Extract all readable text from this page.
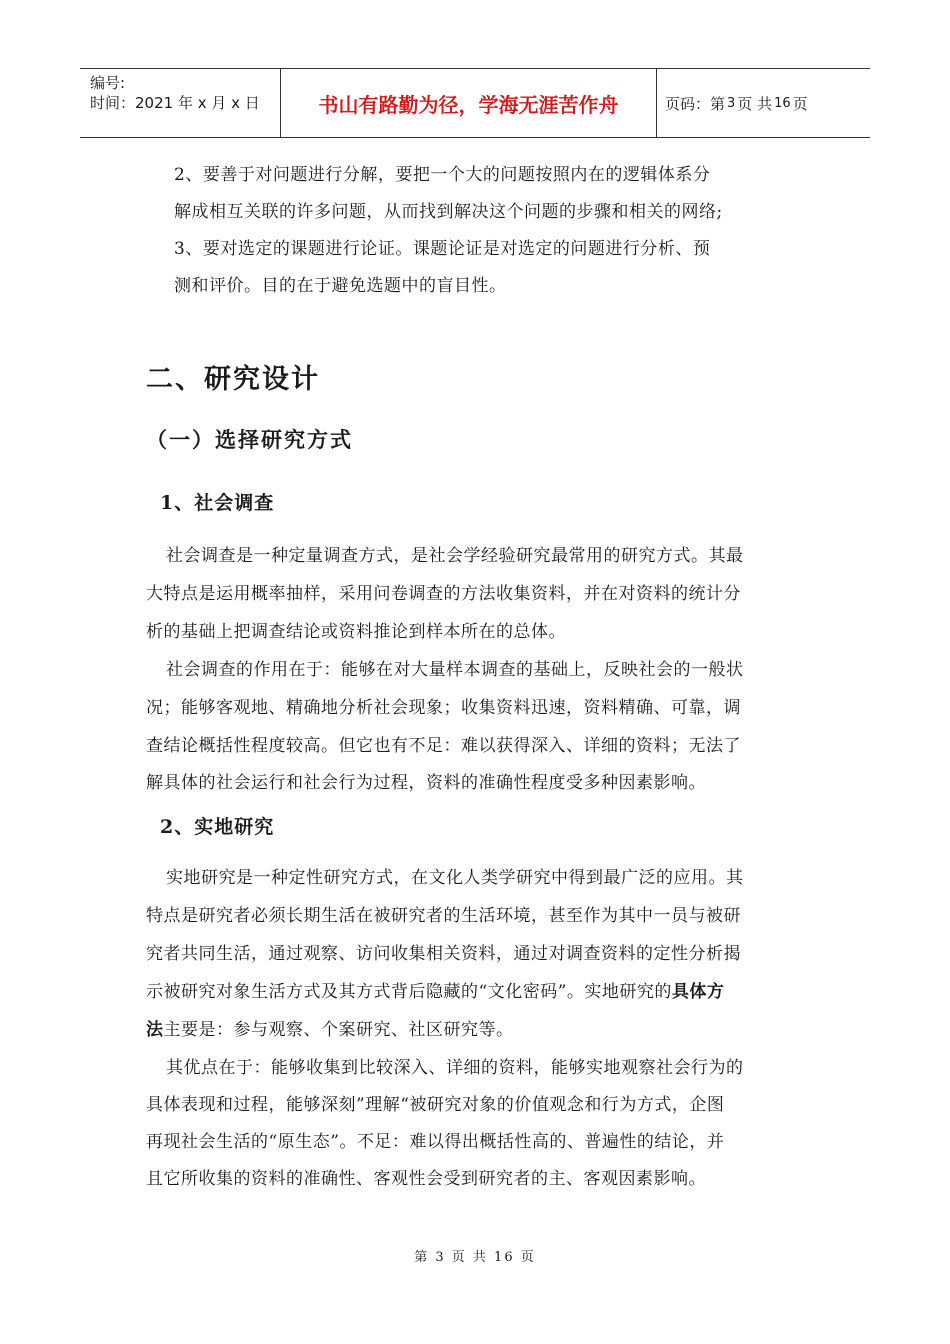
编号:
时间：2021 年 x 月 x 日	书山有路勤为径，学海无涯苦作舟	页码：第 3 页 共 16 页
2、要善于对问题进行分解，要把一个大的问题按照内在的逻辑体系分
解成相互关联的许多问题，从而找到解决这个问题的步骤和相关的网络;
3、要对选定的课题进行论证。课题论证是对选定的问题进行分析、预
测和评价。目的在于避免选题中的盲目性。
二、研究设计
（一）选择研究方式
1、社会调查
社会调查是一种定量调查方式，是社会学经验研究最常用的研究方式。其最
大特点是运用概率抽样，采用问卷调查的方法收集资料，并在对资料的统计分
析的基础上把调查结论或资料推论到样本所在的总体。
社会调查的作用在于：能够在对大量样本调查的基础上，反映社会的一般状
况；能够客观地、精确地分析社会现象；收集资料迅速，资料精确、可靠，调
查结论概括性程度较高。但它也有不足：难以获得深入、详细的资料；无法了
解具体的社会运行和社会行为过程，资料的准确性程度受多种因素影响。
2、实地研究
实地研究是一种定性研究方式，在文化人类学研究中得到最广泛的应用。其
特点是研究者必须长期生活在被研究者的生活环境，甚至作为其中一员与被研
究者共同生活，通过观察、访问收集相关资料，通过对调查资料的定性分析揭
示被研究对象生活方式及其方式背后隐藏的“文化密码”。实地研究的具体方
法主要是：参与观察、个案研究、社区研究等。
其优点在于：能够收集到比较深入、详细的资料，能够实地观察社会行为的
具体表现和过程，能够深刻”理解“被研究对象的价值观念和行为方式，企图
再现社会生活的“原生态”。不足：难以得出概括性高的、普遍性的结论，并
且它所收集的资料的准确性、客观性会受到研究者的主、客观因素影响。
第 3 页 共 16 页
